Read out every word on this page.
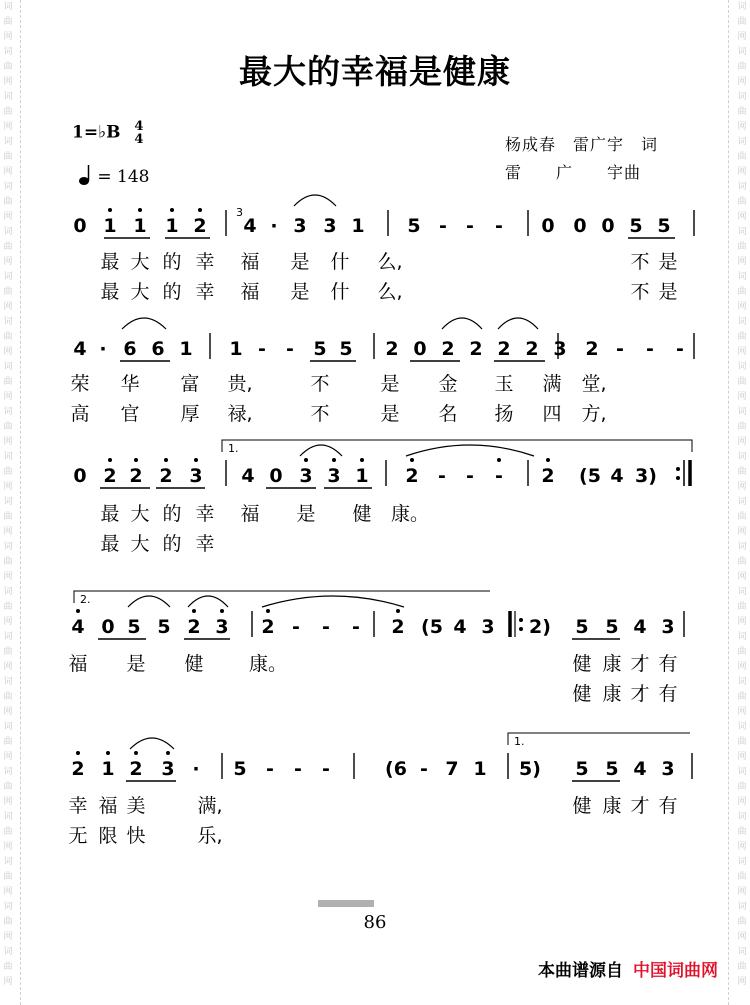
词曲网
词曲网
词曲网
词曲网
词曲网
词曲网
词曲网
词曲网
词曲网
词曲网
词曲网
词曲网
词曲网
词曲网
词曲网
词曲网
词曲网
词曲网
词曲网
词曲网
词曲网
词曲网

词曲网
词曲网
词曲网
词曲网
词曲网
词曲网
词曲网
词曲网
词曲网
词曲网
词曲网
词曲网
词曲网
词曲网
词曲网
词曲网
词曲网
词曲网
词曲网
词曲网
词曲网
词曲网

最大的幸福是健康
1=♭B 4
4
= 148
杨成春　雷广宇　词
雷　　广　　宇曲
0 1 1 1 2 4 · 3 3 1 5 - - - 0 0 0 5 5
3
最 大 的 幸 福 是 什 么,	不 是
最 大 的 幸 福 是 什 么,	不 是
4 · 6 6 1 1 - - 5 5 2 0 2 2 2 2 3 2 - - -
荣 华 富 贵,	不	是 金 玉 满 堂,
高 官 厚 禄,	不	是 名 扬 四 方,
0 2 2 2 3 4 0 3 3 1 2 - - - 2 (5 4 3)
1.
最 大 的 幸 福 是 健 康。
最 大 的 幸
4 0 5 5 2 3 2 - - - 2 (5 4 3 2) 5 5 4 3
2.
福 是 健 康。	健 康 才 有
健 康 才 有
2 1 2 3 · 5 - - -	(6 - 7 1 5) 5 5 4 3
1.
幸 福 美	满,	健 康 才 有
无 限 快	乐,
86
本曲谱源自 中国词曲网
